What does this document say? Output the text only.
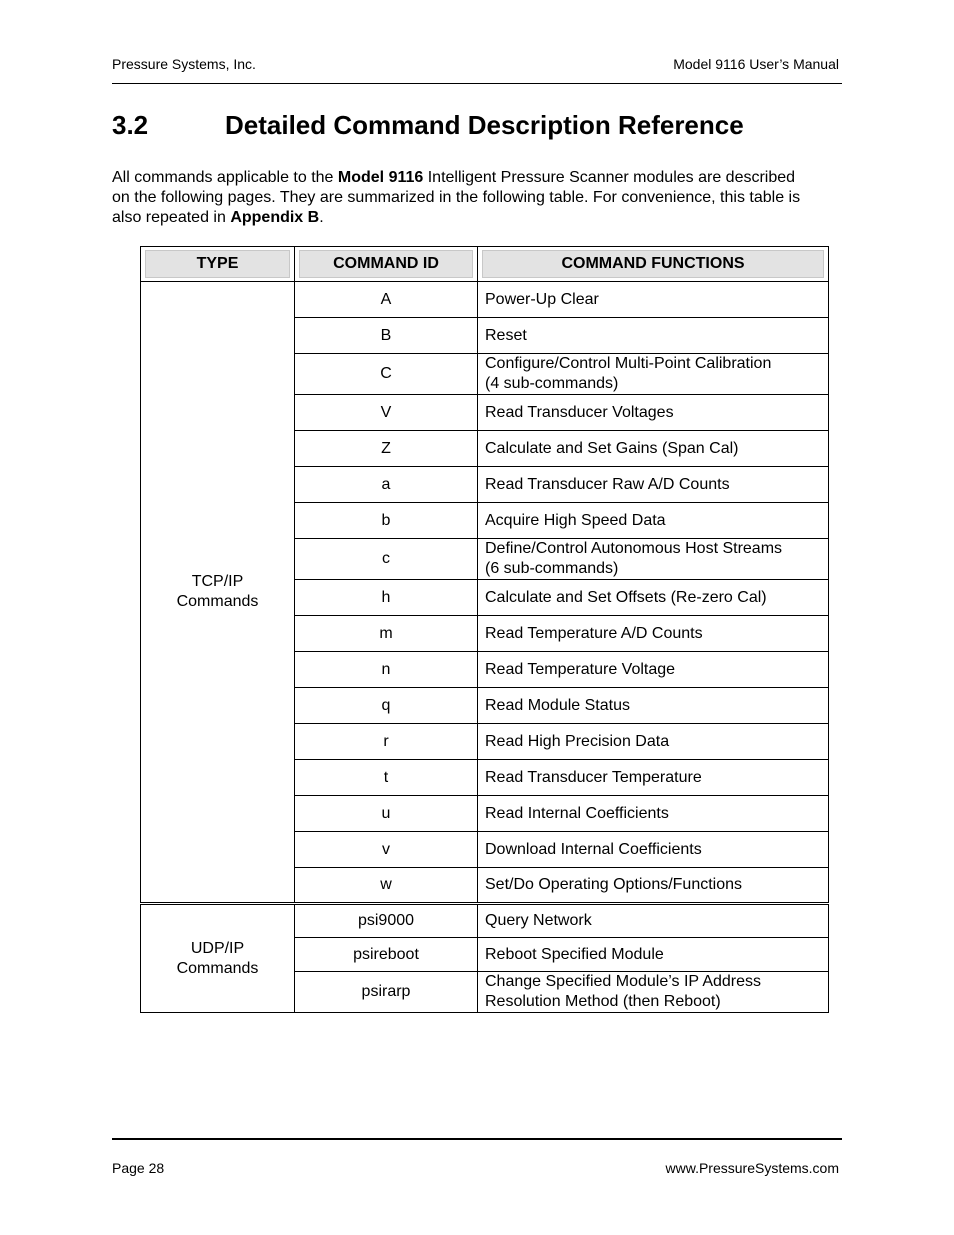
Pressure Systems, Inc.	Model 9116 User’s Manual
3.2	Detailed Command Description Reference

All commands applicable to the Model 9116 Intelligent Pressure Scanner modules are described on the following pages. They are summarized in the following table. For convenience, this table is also repeated in Appendix B.

TYPE	COMMAND ID	COMMAND FUNCTIONS

TCP/IP
Commands	A	Power-Up Clear

	B	Reset

	C	Configure/Control Multi-Point Calibration
(4 sub-commands)

	V	Read Transducer Voltages

	Z	Calculate and Set Gains (Span Cal)

	a	Read Transducer Raw A/D Counts

	b	Acquire High Speed Data

	c	Define/Control Autonomous Host Streams
(6 sub-commands)

	h	Calculate and Set Offsets (Re-zero Cal)

	m	Read Temperature A/D Counts

	n	Read Temperature Voltage

	q	Read Module Status

	r	Read High Precision Data

	t	Read Transducer Temperature

	u	Read Internal Coefficients

	v	Download Internal Coefficients

	w	Set/Do Operating Options/Functions

UDP/IP
Commands	psi9000	Query Network

	psireboot	Reboot Specified Module

	psirarp	Change Specified Module’s IP Address
Resolution Method (then Reboot)
Page 28	www.PressureSystems.com
